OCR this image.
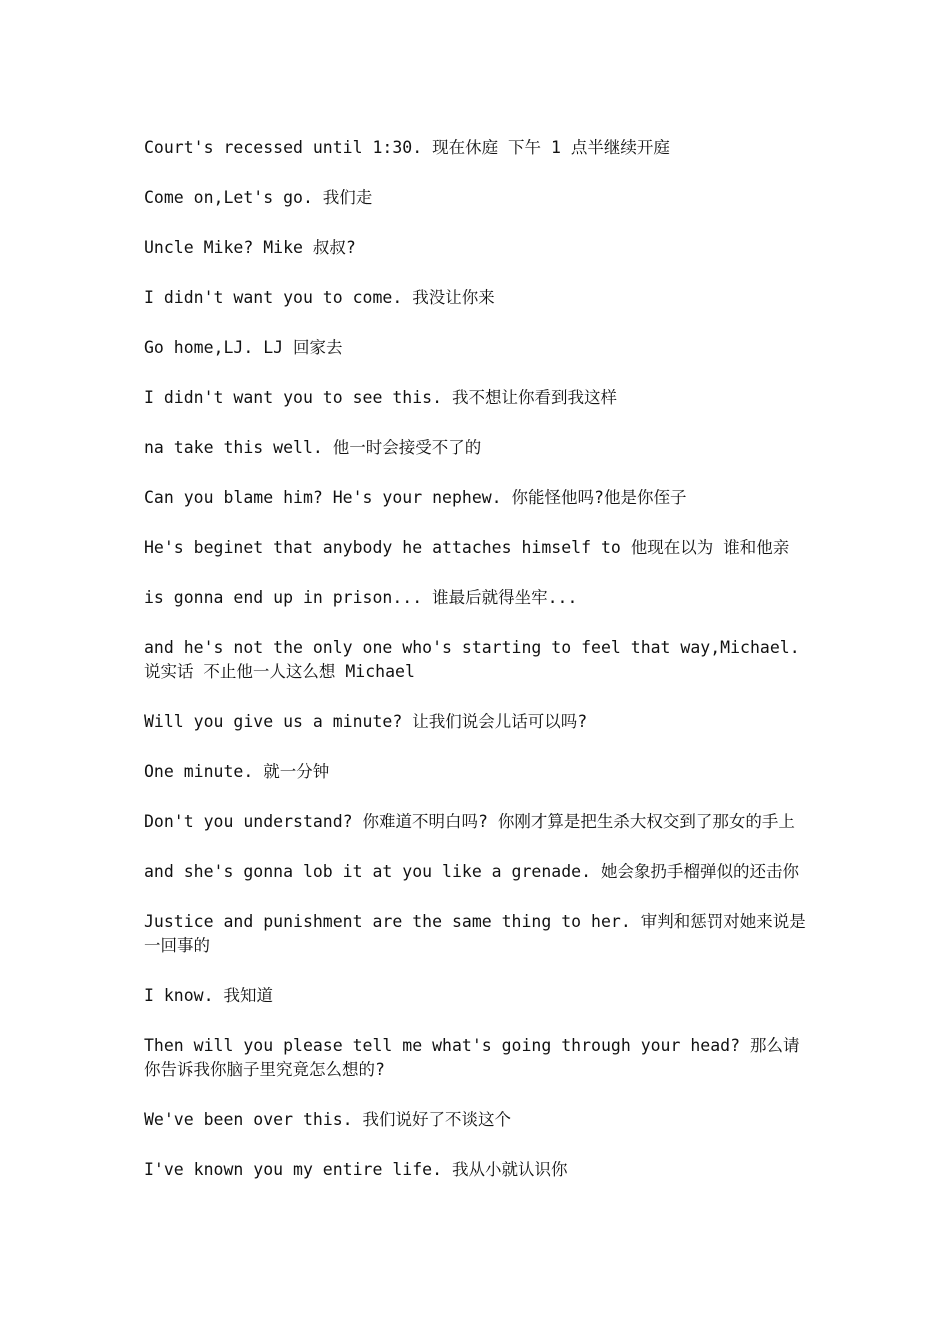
Court's recessed until 1:30. 现在休庭 下午 1 点半继续开庭

Come on,Let's go. 我们走

Uncle Mike? Mike 叔叔?

I didn't want you to come. 我没让你来

Go home,LJ. LJ 回家去

I didn't want you to see this. 我不想让你看到我这样

na take this well. 他一时会接受不了的

Can you blame him? He's your nephew. 你能怪他吗?他是你侄子

He's beginet that anybody he attaches himself to 他现在以为 谁和他亲

is gonna end up in prison... 谁最后就得坐牢...

and he's not the only one who's starting to feel that way,Michael. 说实话 不止他一人这么想 Michael

Will you give us a minute? 让我们说会儿话可以吗?

One minute. 就一分钟

Don't you understand? 你难道不明白吗? 你刚才算是把生杀大权交到了那女的手上

and she's gonna lob it at you like a grenade. 她会象扔手榴弹似的还击你

Justice and punishment are the same thing to her. 审判和惩罚对她来说是一回事的

I know. 我知道

Then will you please tell me what's going through your head? 那么请你告诉我你脑子里究竟怎么想的?

We've been over this. 我们说好了不谈这个

I've known you my entire life. 我从小就认识你
